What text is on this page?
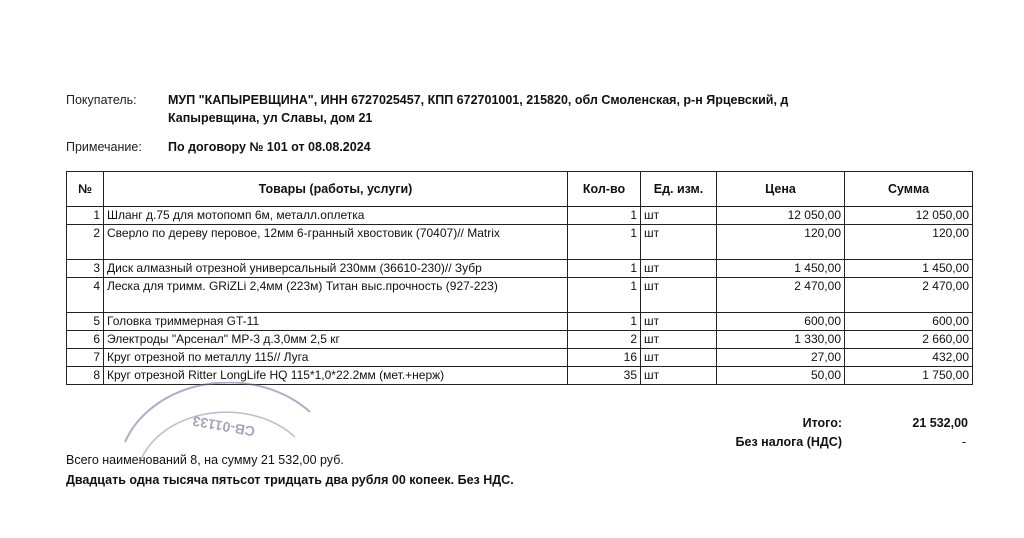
Покупатель:	МУП "КАПЫРЕВЩИНА", ИНН 6727025457, КПП 672701001, 215820, обл Смоленская, р-н Ярцевский, д
Капыревщина, ул Славы, дом 21
Примечание: По договору № 101 от 08.08.2024
№	Товары (работы, услуги)	Кол-во	Ед. изм.	Цена	Сумма
1	Шланг д.75 для мотопомп 6м, металл.оплетка	1	шт	12 050,00	12 050,00
2	Сверло по дереву перовое, 12мм 6-гранный хвостовик (70407)// Matrix	1	шт	120,00	120,00
3	Диск алмазный отрезной универсальный 230мм (36610-230)// Зубр	1	шт	1 450,00	1 450,00
4	Леска для тримм. GRiZLi 2,4мм (223м) Титан выс.прочность (927-223)	1	шт	2 470,00	2 470,00
5	Головка триммерная GT-11	1	шт	600,00	600,00
6	Электроды "Арсенал" МР-3 д.3,0мм 2,5 кг	2	шт	1 330,00	2 660,00
7	Круг отрезной по металлу 115// Луга	16	шт	27,00	432,00
8	Круг отрезной Ritter LongLife HQ 115*1,0*22.2мм (мет.+нерж)	35	шт	50,00	1 750,00
Итого:	21 532,00
Без налога (НДС)	-
Всего наименований 8, на сумму 21 532,00 руб.
Двадцать одна тысяча пятьсот тридцать два рубля 00 копеек. Без НДС.
СВ-01133
